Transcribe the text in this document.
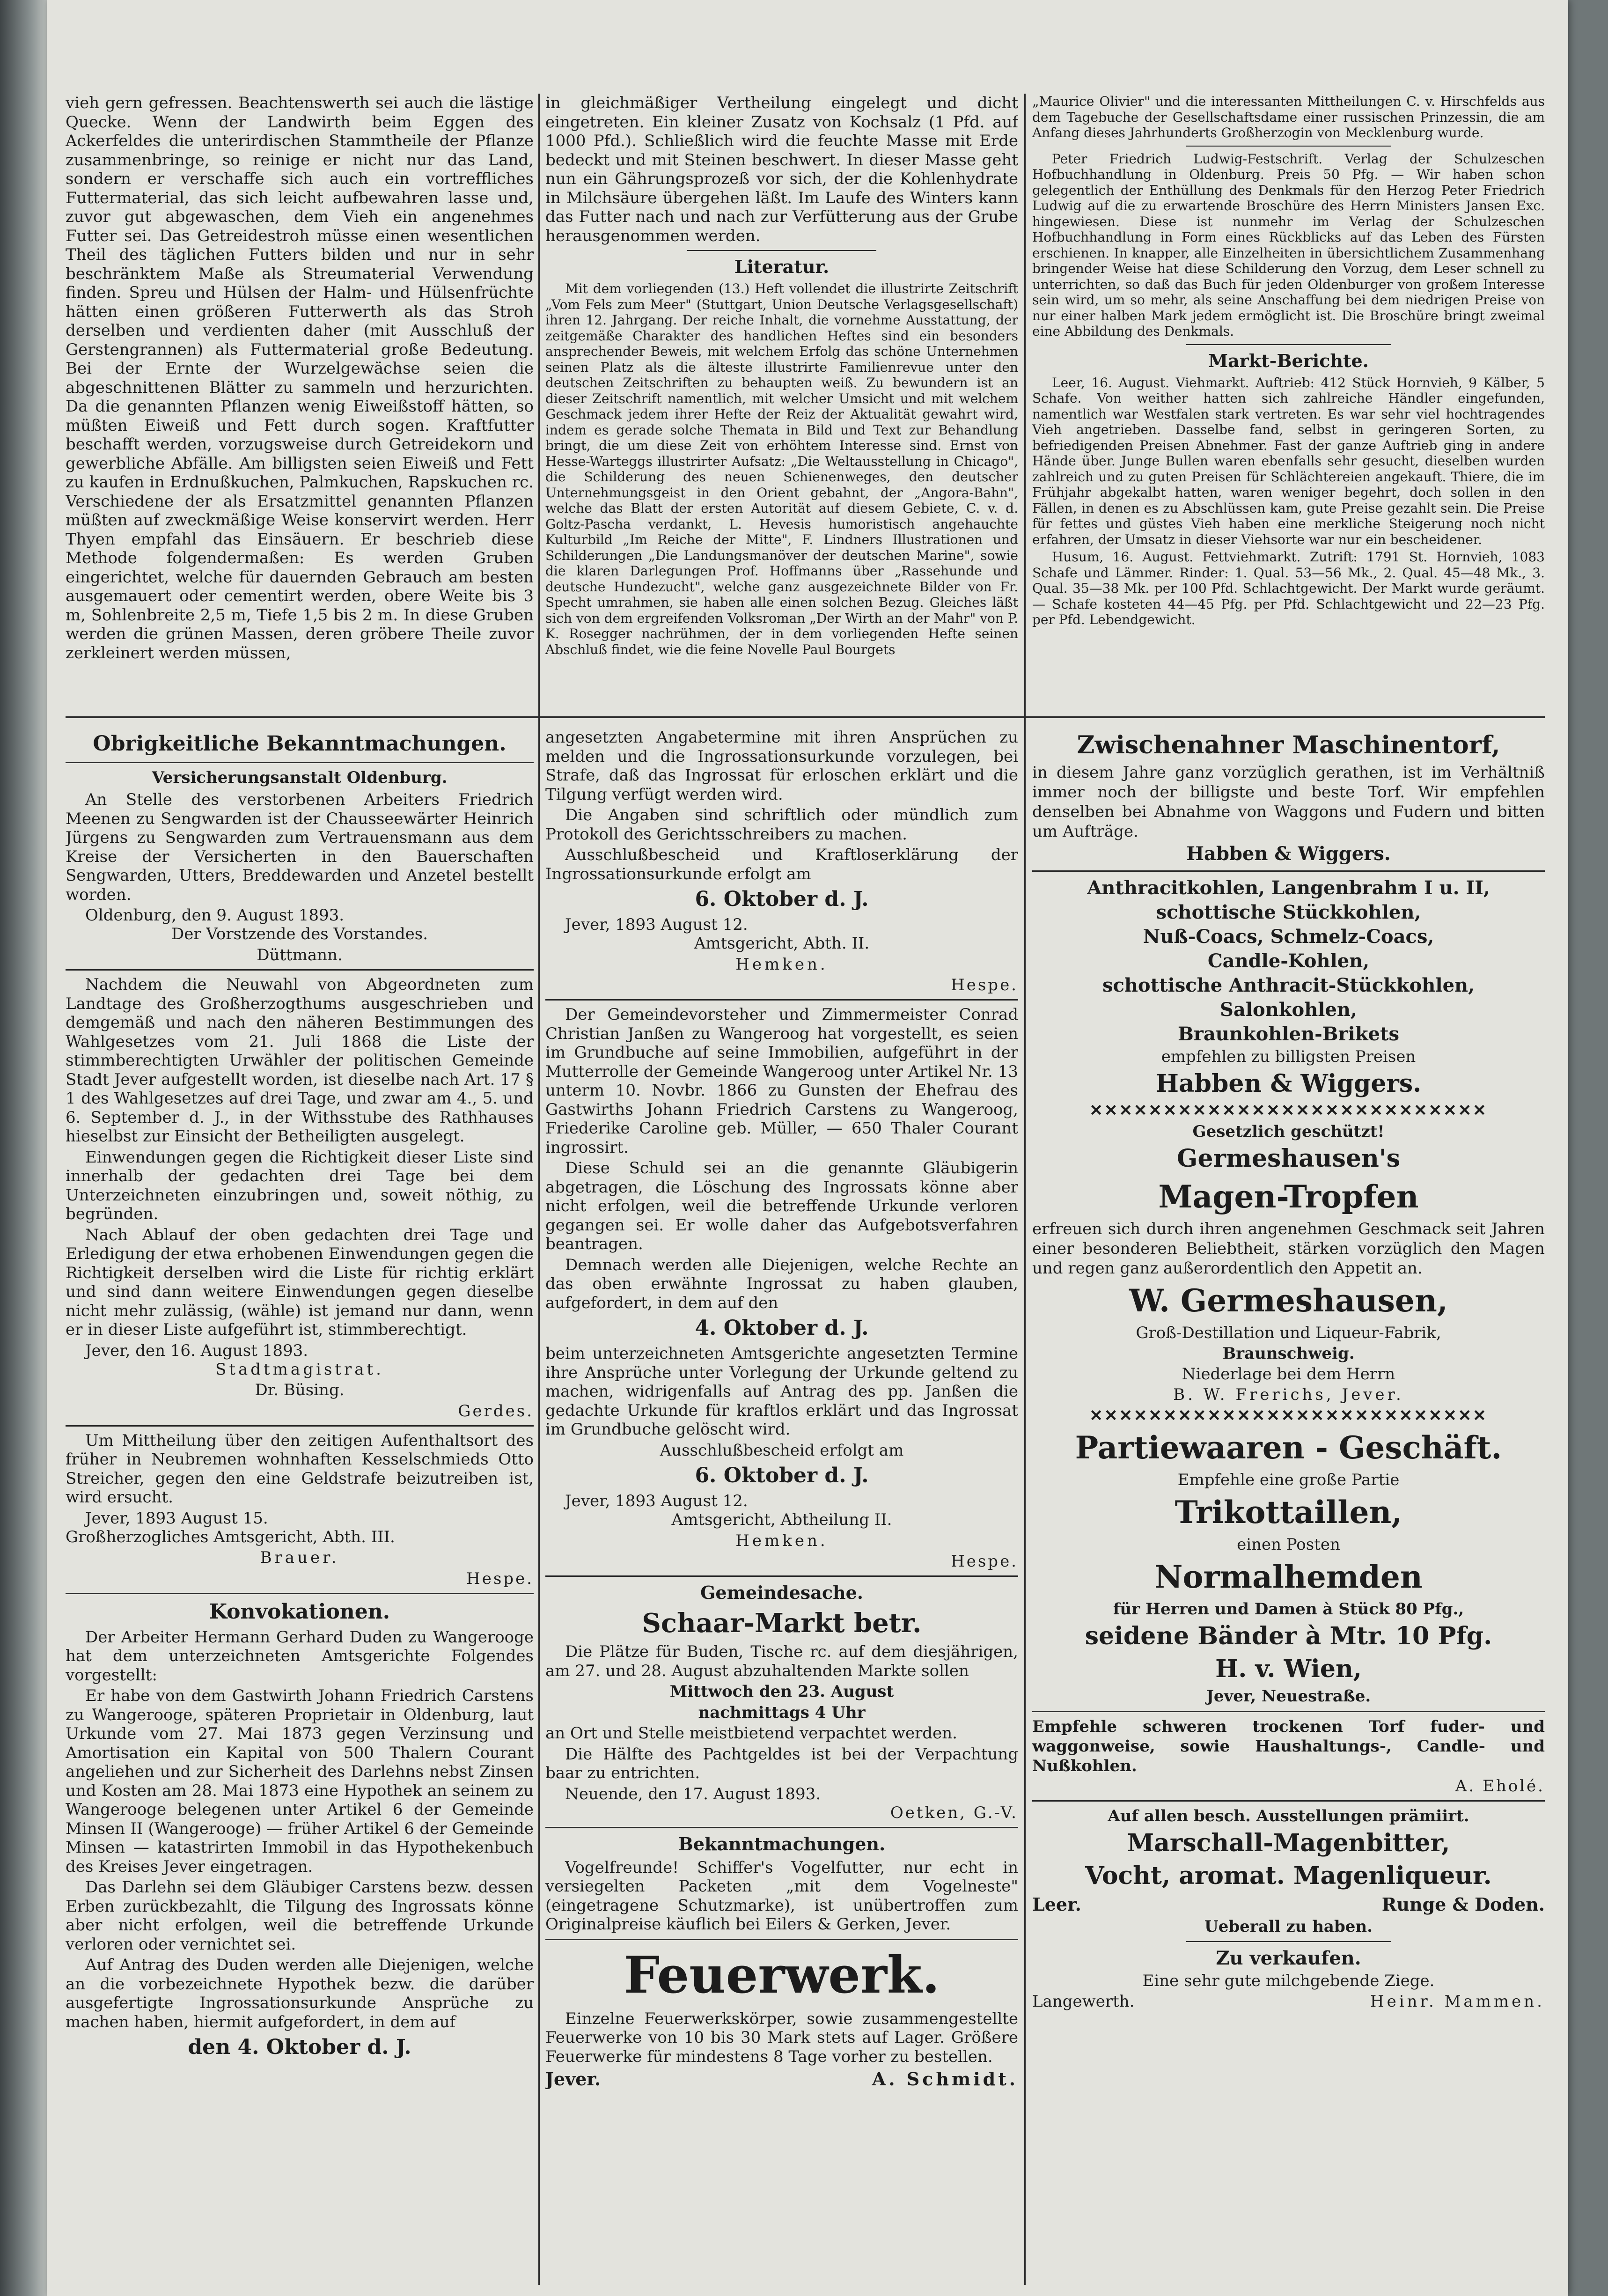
vieh gern gefressen. Beachtenswerth sei auch die lästige Quecke. Wenn der Landwirth beim Eggen des Ackerfeldes die unterirdischen Stammtheile der Pflanze zusammenbringe, so reinige er nicht nur das Land, sondern er verschaffe sich auch ein vortreffliches Futtermaterial, das sich leicht aufbewahren lasse und, zuvor gut abgewaschen, dem Vieh ein angenehmes Futter sei. Das Getreidestroh müsse einen wesentlichen Theil des täglichen Futters bilden und nur in sehr beschränktem Maße als Streumaterial Verwendung finden. Spreu und Hülsen der Halm- und Hülsenfrüchte hätten einen größeren Futterwerth als das Stroh derselben und verdienten daher (mit Ausschluß der Gerstengrannen) als Futtermaterial große Bedeutung. Bei der Ernte der Wurzelgewächse seien die abgeschnittenen Blätter zu sammeln und herzurichten. Da die genannten Pflanzen wenig Eiweißstoff hätten, so müßten Eiweiß und Fett durch sogen. Kraftfutter beschafft werden, vorzugsweise durch Getreidekorn und gewerbliche Abfälle. Am billigsten seien Eiweiß und Fett zu kaufen in Erdnußkuchen, Palmkuchen, Rapskuchen rc. Verschiedene der als Ersatzmittel genannten Pflanzen müßten auf zweckmäßige Weise konservirt werden. Herr Thyen empfahl das Einsäuern. Er beschrieb diese Methode folgendermaßen: Es werden Gruben eingerichtet, welche für dauernden Gebrauch am besten ausgemauert oder cementirt werden, obere Weite bis 3 m, Sohlenbreite 2,5 m, Tiefe 1,5 bis 2 m. In diese Gruben werden die grünen Massen, deren gröbere Theile zuvor zerkleinert werden müssen,

in gleichmäßiger Vertheilung eingelegt und dicht eingetreten. Ein kleiner Zusatz von Kochsalz (1 Pfd. auf 1000 Pfd.). Schließlich wird die feuchte Masse mit Erde bedeckt und mit Steinen beschwert. In dieser Masse geht nun ein Gährungsprozeß vor sich, der die Kohlenhydrate in Milchsäure übergehen läßt. Im Laufe des Winters kann das Futter nach und nach zur Verfütterung aus der Grube herausgenommen werden.

Literatur.

Mit dem vorliegenden (13.) Heft vollendet die illustrirte Zeitschrift „Vom Fels zum Meer" (Stuttgart, Union Deutsche Verlagsgesellschaft) ihren 12. Jahrgang. Der reiche Inhalt, die vornehme Ausstattung, der zeitgemäße Charakter des handlichen Heftes sind ein besonders ansprechender Beweis, mit welchem Erfolg das schöne Unternehmen seinen Platz als die älteste illustrirte Familienrevue unter den deutschen Zeitschriften zu behaupten weiß. Zu bewundern ist an dieser Zeitschrift namentlich, mit welcher Umsicht und mit welchem Geschmack jedem ihrer Hefte der Reiz der Aktualität gewahrt wird, indem es gerade solche Themata in Bild und Text zur Behandlung bringt, die um diese Zeit von erhöhtem Interesse sind. Ernst von Hesse-Warteggs illustrirter Aufsatz: „Die Weltausstellung in Chicago", die Schilderung des neuen Schienenweges, den deutscher Unternehmungsgeist in den Orient gebahnt, der „Angora-Bahn", welche das Blatt der ersten Autorität auf diesem Gebiete, C. v. d. Goltz-Pascha verdankt, L. Hevesis humoristisch angehauchte Kulturbild „Im Reiche der Mitte", F. Lindners Illustrationen und Schilderungen „Die Landungsmanöver der deutschen Marine", sowie die klaren Darlegungen Prof. Hoffmanns über „Rassehunde und deutsche Hundezucht", welche ganz ausgezeichnete Bilder von Fr. Specht umrahmen, sie haben alle einen solchen Bezug. Gleiches läßt sich von dem ergreifenden Volksroman „Der Wirth an der Mahr" von P. K. Rosegger nachrühmen, der in dem vorliegenden Hefte seinen Abschluß findet, wie die feine Novelle Paul Bourgets

„Maurice Olivier" und die interessanten Mittheilungen C. v. Hirschfelds aus dem Tagebuche der Gesellschaftsdame einer russischen Prinzessin, die am Anfang dieses Jahrhunderts Großherzogin von Mecklenburg wurde.

Peter Friedrich Ludwig-Festschrift. Verlag der Schulzeschen Hofbuchhandlung in Oldenburg. Preis 50 Pfg. — Wir haben schon gelegentlich der Enthüllung des Denkmals für den Herzog Peter Friedrich Ludwig auf die zu erwartende Broschüre des Herrn Ministers Jansen Exc. hingewiesen. Diese ist nunmehr im Verlag der Schulzeschen Hofbuchhandlung in Form eines Rückblicks auf das Leben des Fürsten erschienen. In knapper, alle Einzelheiten in übersichtlichem Zusammenhang bringender Weise hat diese Schilderung den Vorzug, dem Leser schnell zu unterrichten, so daß das Buch für jeden Oldenburger von großem Interesse sein wird, um so mehr, als seine Anschaffung bei dem niedrigen Preise von nur einer halben Mark jedem ermöglicht ist. Die Broschüre bringt zweimal eine Abbildung des Denkmals.

Markt-Berichte.

Leer, 16. August. Viehmarkt. Auftrieb: 412 Stück Hornvieh, 9 Kälber, 5 Schafe. Von weither hatten sich zahlreiche Händler eingefunden, namentlich war Westfalen stark vertreten. Es war sehr viel hochtragendes Vieh angetrieben. Dasselbe fand, selbst in geringeren Sorten, zu befriedigenden Preisen Abnehmer. Fast der ganze Auftrieb ging in andere Hände über. Junge Bullen waren ebenfalls sehr gesucht, dieselben wurden zahlreich und zu guten Preisen für Schlächtereien angekauft. Thiere, die im Frühjahr abgekalbt hatten, waren weniger begehrt, doch sollen in den Fällen, in denen es zu Abschlüssen kam, gute Preise gezahlt sein. Die Preise für fettes und güstes Vieh haben eine merkliche Steigerung noch nicht erfahren, der Umsatz in dieser Viehsorte war nur ein bescheidener.

Husum, 16. August. Fettviehmarkt. Zutrift: 1791 St. Hornvieh, 1083 Schafe und Lämmer. Rinder: 1. Qual. 53—56 Mk., 2. Qual. 45—48 Mk., 3. Qual. 35—38 Mk. per 100 Pfd. Schlachtgewicht. Der Markt wurde geräumt. — Schafe kosteten 44—45 Pfg. per Pfd. Schlachtgewicht und 22—23 Pfg. per Pfd. Lebendgewicht.

Obrigkeitliche Bekanntmachungen.
Versicherungsanstalt Oldenburg.

An Stelle des verstorbenen Arbeiters Friedrich Meenen zu Sengwarden ist der Chausseewärter Heinrich Jürgens zu Sengwarden zum Vertrauensmann aus dem Kreise der Versicherten in den Bauerschaften Sengwarden, Utters, Breddewarden und Anzetel bestellt worden.

Oldenburg, den 9. August 1893.

Der Vorstzende des Vorstandes.

Düttmann.

Nachdem die Neuwahl von Abgeordneten zum Landtage des Großherzogthums ausgeschrieben und demgemäß und nach den näheren Bestimmungen des Wahlgesetzes vom 21. Juli 1868 die Liste der stimmberechtigten Urwähler der politischen Gemeinde Stadt Jever aufgestellt worden, ist dieselbe nach Art. 17 § 1 des Wahlgesetzes auf drei Tage, und zwar am 4., 5. und 6. September d. J., in der Withsstube des Rathhauses hieselbst zur Einsicht der Betheiligten ausgelegt.

Einwendungen gegen die Richtigkeit dieser Liste sind innerhalb der gedachten drei Tage bei dem Unterzeichneten einzubringen und, soweit nöthig, zu begründen.

Nach Ablauf der oben gedachten drei Tage und Erledigung der etwa erhobenen Einwendungen gegen die Richtigkeit derselben wird die Liste für richtig erklärt und sind dann weitere Einwendungen gegen dieselbe nicht mehr zulässig, (wähle) ist jemand nur dann, wenn er in dieser Liste aufgeführt ist, stimmberechtigt.

Jever, den 16. August 1893.

Stadtmagistrat.

Dr. Büsing.

Gerdes.

Um Mittheilung über den zeitigen Aufenthaltsort des früher in Neubremen wohnhaften Kesselschmieds Otto Streicher, gegen den eine Geldstrafe beizutreiben ist, wird ersucht.

Jever, 1893 August 15.

Großherzogliches Amtsgericht, Abth. III.

Brauer.

Hespe.

Konvokationen.

Der Arbeiter Hermann Gerhard Duden zu Wangerooge hat dem unterzeichneten Amtsgerichte Folgendes vorgestellt:

Er habe von dem Gastwirth Johann Friedrich Carstens zu Wangerooge, späteren Proprietair in Oldenburg, laut Urkunde vom 27. Mai 1873 gegen Verzinsung und Amortisation ein Kapital von 500 Thalern Courant angeliehen und zur Sicherheit des Darlehns nebst Zinsen und Kosten am 28. Mai 1873 eine Hypothek an seinem zu Wangerooge belegenen unter Artikel 6 der Gemeinde Minsen II (Wangerooge) — früher Artikel 6 der Gemeinde Minsen — katastrirten Immobil in das Hypothekenbuch des Kreises Jever eingetragen.

Das Darlehn sei dem Gläubiger Carstens bezw. dessen Erben zurückbezahlt, die Tilgung des Ingrossats könne aber nicht erfolgen, weil die betreffende Urkunde verloren oder vernichtet sei.

Auf Antrag des Duden werden alle Diejenigen, welche an die vorbezeichnete Hypothek bezw. die darüber ausgefertigte Ingrossationsurkunde Ansprüche zu machen haben, hiermit aufgefordert, in dem auf

den 4. Oktober d. J.

angesetzten Angabetermine mit ihren Ansprüchen zu melden und die Ingrossationsurkunde vorzulegen, bei Strafe, daß das Ingrossat für erloschen erklärt und die Tilgung verfügt werden wird.

Die Angaben sind schriftlich oder mündlich zum Protokoll des Gerichtsschreibers zu machen.

Ausschlußbescheid und Kraftloserklärung der Ingrossationsurkunde erfolgt am

6. Oktober d. J.

Jever, 1893 August 12.

Amtsgericht, Abth. II.

Hemken.

Hespe.

Der Gemeindevorsteher und Zimmermeister Conrad Christian Janßen zu Wangeroog hat vorgestellt, es seien im Grundbuche auf seine Immobilien, aufgeführt in der Mutterrolle der Gemeinde Wangeroog unter Artikel Nr. 13 unterm 10. Novbr. 1866 zu Gunsten der Ehefrau des Gastwirths Johann Friedrich Carstens zu Wangeroog, Friederike Caroline geb. Müller, — 650 Thaler Courant ingrossirt.

Diese Schuld sei an die genannte Gläubigerin abgetragen, die Löschung des Ingrossats könne aber nicht erfolgen, weil die betreffende Urkunde verloren gegangen sei. Er wolle daher das Aufgebotsverfahren beantragen.

Demnach werden alle Diejenigen, welche Rechte an das oben erwähnte Ingrossat zu haben glauben, aufgefordert, in dem auf den

4. Oktober d. J.

beim unterzeichneten Amtsgerichte angesetzten Termine ihre Ansprüche unter Vorlegung der Urkunde geltend zu machen, widrigenfalls auf Antrag des pp. Janßen die gedachte Urkunde für kraftlos erklärt und das Ingrossat im Grundbuche gelöscht wird.

Ausschlußbescheid erfolgt am

6. Oktober d. J.

Jever, 1893 August 12.

Amtsgericht, Abtheilung II.

Hemken.

Hespe.

Gemeindesache.
Schaar-Markt betr.

Die Plätze für Buden, Tische rc. auf dem diesjährigen, am 27. und 28. August abzuhaltenden Markte sollen

Mittwoch den 23. August

nachmittags 4 Uhr

an Ort und Stelle meistbietend verpachtet werden.

Die Hälfte des Pachtgeldes ist bei der Verpachtung baar zu entrichten.

Neuende, den 17. August 1893.

Oetken, G.-V.

Bekanntmachungen.

Vogelfreunde! Schiffer's Vogelfutter, nur echt in versiegelten Packeten „mit dem Vogelneste" (eingetragene Schutzmarke), ist unübertroffen zum Originalpreise käuflich bei Eilers & Gerken, Jever.

Feuerwerk.

Einzelne Feuerwerkskörper, sowie zusammengestellte Feuerwerke von 10 bis 30 Mark stets auf Lager. Größere Feuerwerke für mindestens 8 Tage vorher zu bestellen.

Jever.	A. Schmidt.
Zwischenahner Maschinentorf,

in diesem Jahre ganz vorzüglich gerathen, ist im Verhältniß immer noch der billigste und beste Torf. Wir empfehlen denselben bei Abnahme von Waggons und Fudern und bitten um Aufträge.

Habben & Wiggers.
Anthracitkohlen, Langenbrahm I u. II,
schottische Stückkohlen,
Nuß-Coacs, Schmelz-Coacs,
Candle-Kohlen,
schottische Anthracit-Stückkohlen,
Salonkohlen,
Braunkohlen-Brikets

empfehlen zu billigsten Preisen

Habben & Wiggers.
✕✕✕✕✕✕✕✕✕✕✕✕✕✕✕✕✕✕✕✕✕✕✕✕✕✕✕

Gesetzlich geschützt!

Germeshausen's
Magen-Tropfen

erfreuen sich durch ihren angenehmen Geschmack seit Jahren einer besonderen Beliebtheit, stärken vorzüglich den Magen und regen ganz außerordentlich den Appetit an.

W. Germeshausen,

Groß-Destillation und Liqueur-Fabrik,

Braunschweig.

Niederlage bei dem Herrn

B. W. Frerichs, Jever.

✕✕✕✕✕✕✕✕✕✕✕✕✕✕✕✕✕✕✕✕✕✕✕✕✕✕✕
Partiewaaren - Geschäft.

Empfehle eine große Partie

Trikottaillen,

einen Posten

Normalhemden

für Herren und Damen à Stück 80 Pfg.,

seidene Bänder à Mtr. 10 Pfg.
H. v. Wien,

Jever, Neuestraße.

Empfehle schweren trockenen Torf fuder- und waggonweise, sowie Haushaltungs-, Candle- und Nußkohlen.

A. Eholé.

Auf allen besch. Ausstellungen prämiirt.

Marschall-Magenbitter,
Vocht, aromat. Magenliqueur.
Leer.	Runge & Doden.

Ueberall zu haben.

Zu verkaufen.

Eine sehr gute milchgebende Ziege.

Langewerth.	Heinr. Mammen.
